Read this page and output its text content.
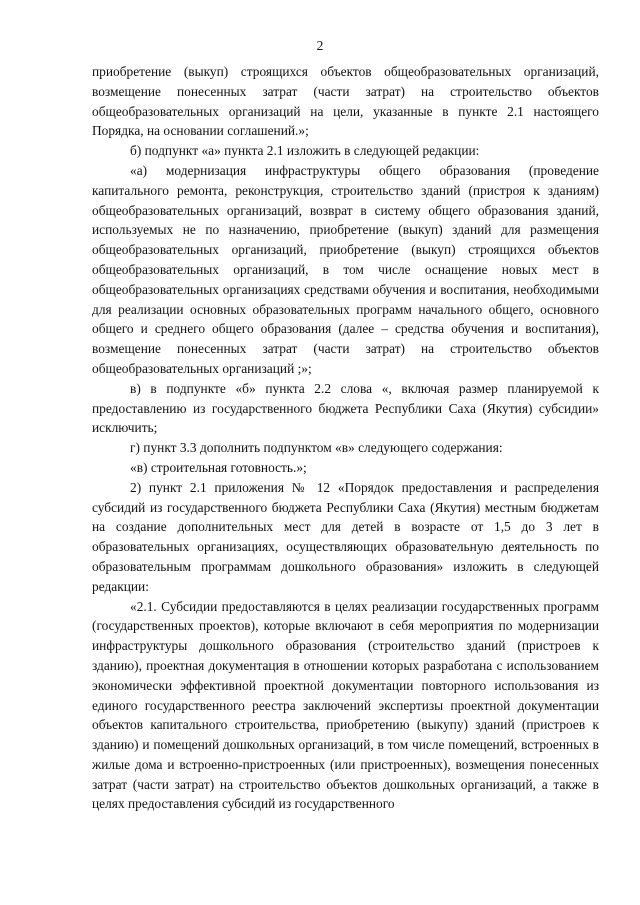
2

приобретение (выкуп) строящихся объектов общеобразовательных организаций, возмещение понесенных затрат (части затрат) на строительство объектов общеобразовательных организаций на цели, указанные в пункте 2.1 настоящего Порядка, на основании соглашений.»;

б) подпункт «а» пункта 2.1 изложить в следующей редакции:

«а) модернизация инфраструктуры общего образования (проведение капитального ремонта, реконструкция, строительство зданий (пристроя к зданиям) общеобразовательных организаций, возврат в систему общего образования зданий, используемых не по назначению, приобретение (выкуп) зданий для размещения общеобразовательных организаций, приобретение (выкуп) строящихся объектов общеобразовательных организаций, в том числе оснащение новых мест в общеобразовательных организациях средствами обучения и воспитания, необходимыми для реализации основных образовательных программ начального общего, основного общего и среднего общего образования (далее – средства обучения и воспитания), возмещение понесенных затрат (части затрат) на строительство объектов общеобразовательных организаций ;»;

в) в подпункте «б» пункта 2.2 слова «, включая размер планируемой к предоставлению из государственного бюджета Республики Саха (Якутия) субсидии» исключить;

г) пункт 3.3 дополнить подпунктом «в» следующего содержания:

«в) строительная готовность.»;

2) пункт 2.1 приложения № 12 «Порядок предоставления и распределения субсидий из государственного бюджета Республики Саха (Якутия) местным бюджетам на создание дополнительных мест для детей в возрасте от 1,5 до 3 лет в образовательных организациях, осуществляющих образовательную деятельность по образовательным программам дошкольного образования» изложить в следующей редакции:

«2.1. Субсидии предоставляются в целях реализации государственных программ (государственных проектов), которые включают в себя мероприятия по модернизации инфраструктуры дошкольного образования (строительство зданий (пристроев к зданию), проектная документация в отношении которых разработана с использованием экономически эффективной проектной документации повторного использования из единого государственного реестра заключений экспертизы проектной документации объектов капитального строительства, приобретению (выкупу) зданий (пристроев к зданию) и помещений дошкольных организаций, в том числе помещений, встроенных в жилые дома и встроенно-пристроенных (или пристроенных), возмещения понесенных затрат (части затрат) на строительство объектов дошкольных организаций, а также в целях предоставления субсидий из государственного
